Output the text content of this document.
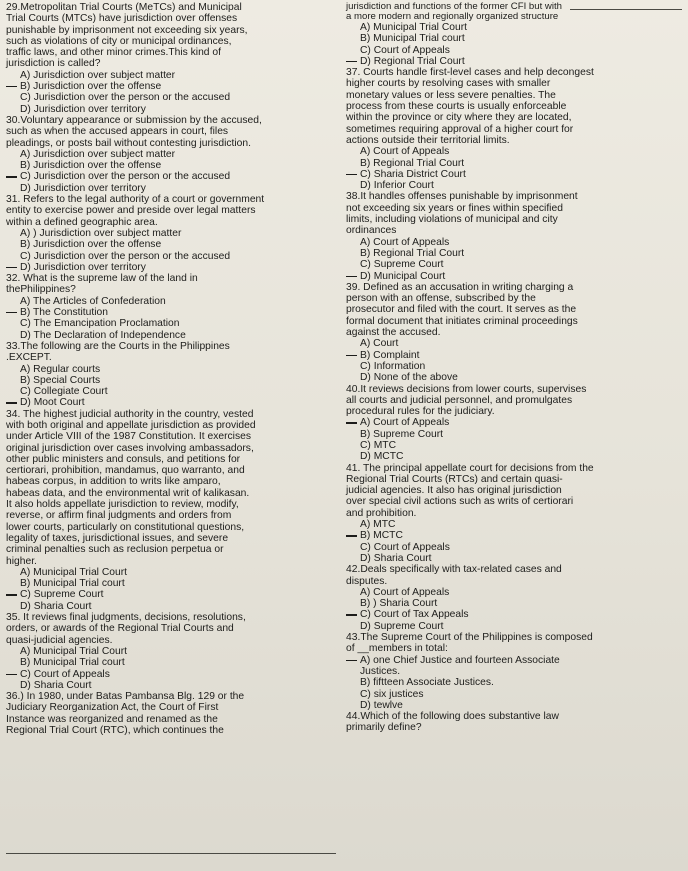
29.Metropolitan Trial Courts (MeTCs) and Municipal
Trial Courts (MTCs) have jurisdiction over offenses
punishable by imprisonment not exceeding six years,
such as violations of city or municipal ordinances,
traffic laws, and other minor crimes.This kind of
jurisdiction is called?
A) Jurisdiction over subject matter
B) Jurisdiction over the offense
C) Jurisdiction over the person or the accused
D) Jurisdiction over territory
30.Voluntary appearance or submission by the accused,
such as when the accused appears in court, files
pleadings, or posts bail without contesting jurisdiction.
A) Jurisdiction over subject matter
B) Jurisdiction over the offense
C) Jurisdiction over the person or the accused
D) Jurisdiction over territory
31. Refers to the legal authority of a court or government
entity to exercise power and preside over legal matters
within a defined geographic area.
A) ) Jurisdiction over subject matter
B) Jurisdiction over the offense
C) Jurisdiction over the person or the accused
D) Jurisdiction over territory
32. What is the supreme law of the land in
thePhilippines?
A) The Articles of Confederation
B) The Constitution
C) The Emancipation Proclamation
D) The Declaration of Independence
33.The following are the Courts in the Philippines
.EXCEPT.
A) Regular courts
B) Special Courts
C) Collegiate Court
D) Moot Court
34. The highest judicial authority in the country, vested
with both original and appellate jurisdiction as provided
under Article VIII of the 1987 Constitution. It exercises
original jurisdiction over cases involving ambassadors,
other public ministers and consuls, and petitions for
certiorari, prohibition, mandamus, quo warranto, and
habeas corpus, in addition to writs like amparo,
habeas data, and the environmental writ of kalikasan.
It also holds appellate jurisdiction to review, modify,
reverse, or affirm final judgments and orders from
lower courts, particularly on constitutional questions,
legality of taxes, jurisdictional issues, and severe
criminal penalties such as reclusion perpetua or
higher.
A) Municipal Trial Court
B) Municipal Trial court
C) Supreme Court
D) Sharia Court
35. It reviews final judgments, decisions, resolutions,
orders, or awards of the Regional Trial Courts and
quasi-judicial agencies.
A) Municipal Trial Court
B) Municipal Trial court
C) Court of Appeals
D) Sharia Court
36.) In 1980, under Batas Pambansa Blg. 129 or the
Judiciary Reorganization Act, the Court of First
Instance was reorganized and renamed as the
Regional Trial Court (RTC), which continues the
jurisdiction and functions of the former CFI but with
a more modern and regionally organized structure
A) Municipal Trial Court
B) Municipal Trial court
C) Court of Appeals
D) Regional Trial Court
37. Courts handle first-level cases and help decongest
higher courts by resolving cases with smaller
monetary values or less severe penalties. The
process from these courts is usually enforceable
within the province or city where they are located,
sometimes requiring approval of a higher court for
actions outside their territorial limits.
A) Court of Appeals
B) Regional Trial Court
C) Sharia District Court
D) Inferior Court
38.It handles offenses punishable by imprisonment
not exceeding six years or fines within specified
limits, including violations of municipal and city
ordinances
A) Court of Appeals
B) Regional Trial Court
C) Supreme Court
D) Municipal Court
39. Defined as an accusation in writing charging a
person with an offense, subscribed by the
prosecutor and filed with the court. It serves as the
formal document that initiates criminal proceedings
against the accused.
A) Court
B) Complaint
C) Information
D) None of the above
40.It reviews decisions from lower courts, supervises
all courts and judicial personnel, and promulgates
procedural rules for the judiciary.
A) Court of Appeals
B) Supreme Court
C) MTC
D) MCTC
41. The principal appellate court for decisions from the
Regional Trial Courts (RTCs) and certain quasi-
judicial agencies. It also has original jurisdiction
over special civil actions such as writs of certiorari
and prohibition.
A) MTC
B) MCTC
C) Court of Appeals
D) Sharia Court
42.Deals specifically with tax-related cases and
disputes.
A) Court of Appeals
B) ) Sharia Court
C) Court of Tax Appeals
D) Supreme Court
43.The Supreme Court of the Philippines is composed
of __members in total:
A) one Chief Justice and fourteen Associate
Justices.
B) fiftteen Associate Justices.
C) six justices
D) tewlve
44.Which of the following does substantive law
primarily define?
